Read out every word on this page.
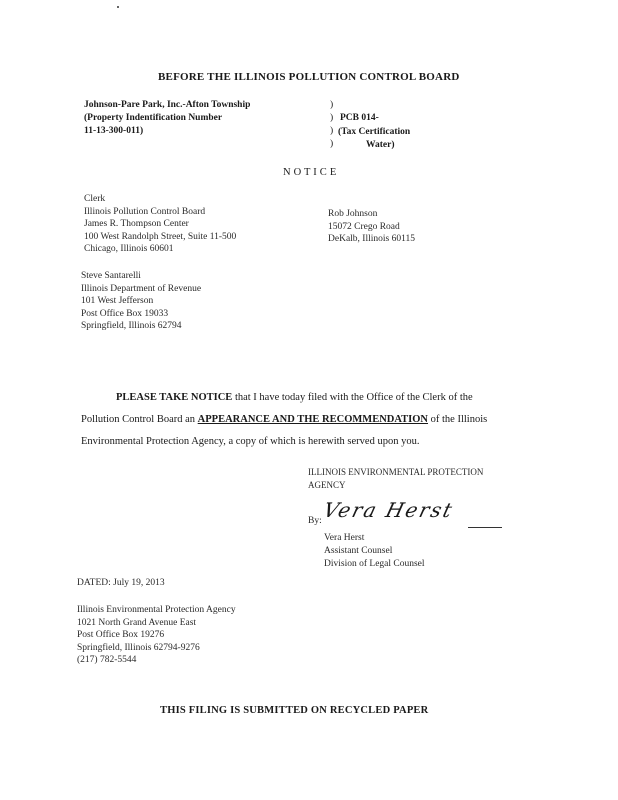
BEFORE THE ILLINOIS POLLUTION CONTROL BOARD
Johnson-Pare Park, Inc.-Afton Township
(Property Indentification Number
11-13-300-011)
)
)
)
)
PCB 014-
(Tax Certification
Water)
N O T I C E
Clerk
Illinois Pollution Control Board
James R. Thompson Center
100 West Randolph Street, Suite 11-500
Chicago, Illinois 60601
Rob Johnson
15072 Crego Road
DeKalb, Illinois 60115
Steve Santarelli
Illinois Department of Revenue
101 West Jefferson
Post Office Box 19033
Springfield, Illinois 62794
PLEASE TAKE NOTICE that I have today filed with the Office of the Clerk of the
Pollution Control Board an APPEARANCE AND THE RECOMMENDATION of the Illinois
Environmental Protection Agency, a copy of which is herewith served upon you.
ILLINOIS ENVIRONMENTAL PROTECTION
AGENCY
By: Vera Herst
Vera Herst
Assistant Counsel
Division of Legal Counsel
DATED: July 19, 2013
Illinois Environmental Protection Agency
1021 North Grand Avenue East
Post Office Box 19276
Springfield, Illinois 62794-9276
(217) 782-5544
THIS FILING IS SUBMITTED ON RECYCLED PAPER
